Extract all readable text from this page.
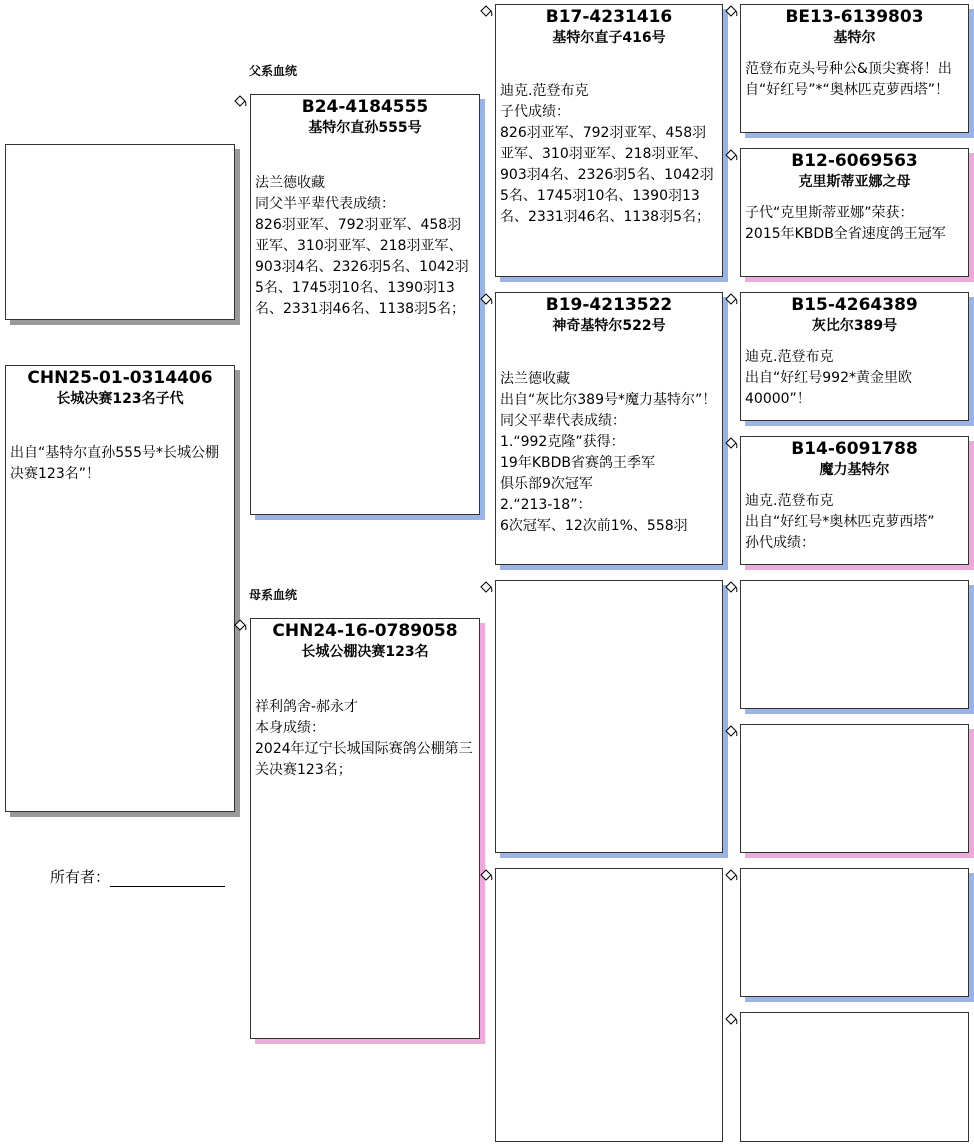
父系血统
母系血统
CHN25-01-0314406
长城决赛123名子代
出自“基特尔直孙555号*长城公棚决赛123名”！
所有者：
B24-4184555
基特尔直孙555号
法兰德收藏
同父半平辈代表成绩：
826羽亚军、792羽亚军、458羽亚军、310羽亚军、218羽亚军、903羽4名、2326羽5名、1042羽5名、1745羽10名、1390羽13名、2331羽46名、1138羽5名；
CHN24-16-0789058
长城公棚决赛123名
祥利鸽舍-郝永才
本身成绩：
2024年辽宁长城国际赛鸽公棚第三关决赛123名；
B17-4231416
基特尔直子416号
迪克.范登布克
子代成绩：
826羽亚军、792羽亚军、458羽亚军、310羽亚军、218羽亚军、903羽4名、2326羽5名、1042羽5名、1745羽10名、1390羽13名、2331羽46名、1138羽5名；
B19-4213522
神奇基特尔522号
法兰德收藏
出自“灰比尔389号*魔力基特尔”！
同父平辈代表成绩：
1.“992克隆”获得：
19年KBDB省赛鸽王季军
俱乐部9次冠军
2.“213-18”：
6次冠军、12次前1%、558羽
BE13-6139803
基特尔
范登布克头号种公&顶尖赛将！出自“好红号”*“奥林匹克萝西塔”！
B12-6069563
克里斯蒂亚娜之母
子代“克里斯蒂亚娜”荣获：
2015年KBDB全省速度鸽王冠军
B15-4264389
灰比尔389号
迪克.范登布克
出自“好红号992*黄金里欧40000”！
B14-6091788
魔力基特尔
迪克.范登布克
出自“好红号*奥林匹克萝西塔”
孙代成绩：
